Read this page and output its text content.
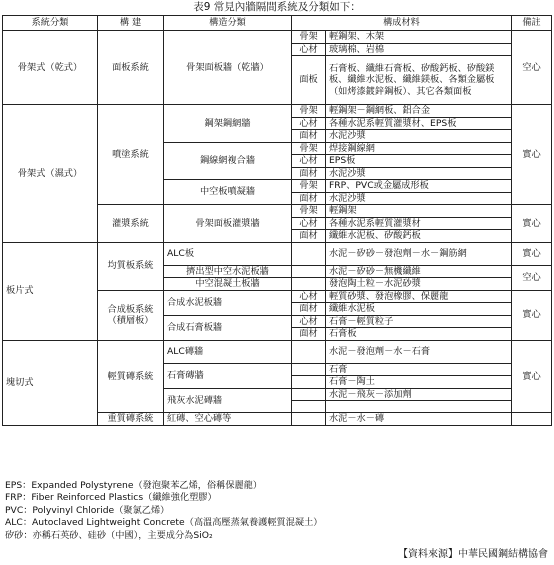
表9 常見內牆隔間系統及分類如下：
系統分類	構 建	構造分類	構成材料		備註
骨架式（乾式）	面板系統	骨架面板牆（乾牆）	骨架	輕鋼架、木架	空心
			心材	玻璃棉、岩棉	
			面板	石膏板、纖維石膏板、矽酸鈣板、矽酸鎂板、纖維水泥板、纖維鎂板、各類金屬板（如烤漆鍍鋅鋼板）、其它各類面板	

骨架式（濕式）	噴塗系統	鋼架鋼網牆	骨架	輕鋼架－鋼網板、鋁合金	實心
			心材	各種水泥系輕質灌漿材、EPS板	
			面材	水泥沙漿	
		鋼線網複合牆	骨架	焊接鋼線網	
			心材	EPS板	
			面材	水泥沙漿	
		中空板噴凝牆	骨架	FRP、PVC或金屬成形板	
			面材	水泥沙漿	
	灌漿系統	骨架面板灌漿牆	骨架	輕鋼架	實心
			心材	各種水泥系輕質灌漿材	
			面材	纖維水泥板、矽酸鈣板	
板片式	均質板系統	ALC板		水泥－矽砂－發泡劑－水－鋼筋網	實心

		擠出型中空水泥板牆		水泥－矽砂－無機纖維	空心
		中空混凝土板牆		發泡陶土粒－水泥砂漿	
	合成板系統（積層板）	合成水泥板牆	心材	輕質砂漿、發泡橡膠、保麗龍	實心
			面材	纖維水泥板	
		合成石膏板牆	心材	石膏－輕質粒子	
			面材	石膏板	
塊切式	輕質磚系統	ALC磚牆		水泥－發泡劑－水－石膏	實心

		石膏磚牆		石膏	
				石膏－陶土	
		飛灰水泥磚牆		水泥－飛灰－添加劑	

	重質磚系統	紅磚、空心磚等		水泥－水－磚	
EPS：Expanded Polystyrene（發泡聚苯乙烯，俗稱保麗龍）
FRP：Fiber Reinforced Plastics（纖維強化塑膠）
PVC：Polyvinyl Chloride（聚氯乙烯）
ALC：Autoclaved Lightweight Concrete（高溫高壓蒸氣養護輕質混凝土）
矽砂：亦稱石英砂、硅砂（中國），主要成分為SiO₂
【資料來源】中華民國鋼結構協會
